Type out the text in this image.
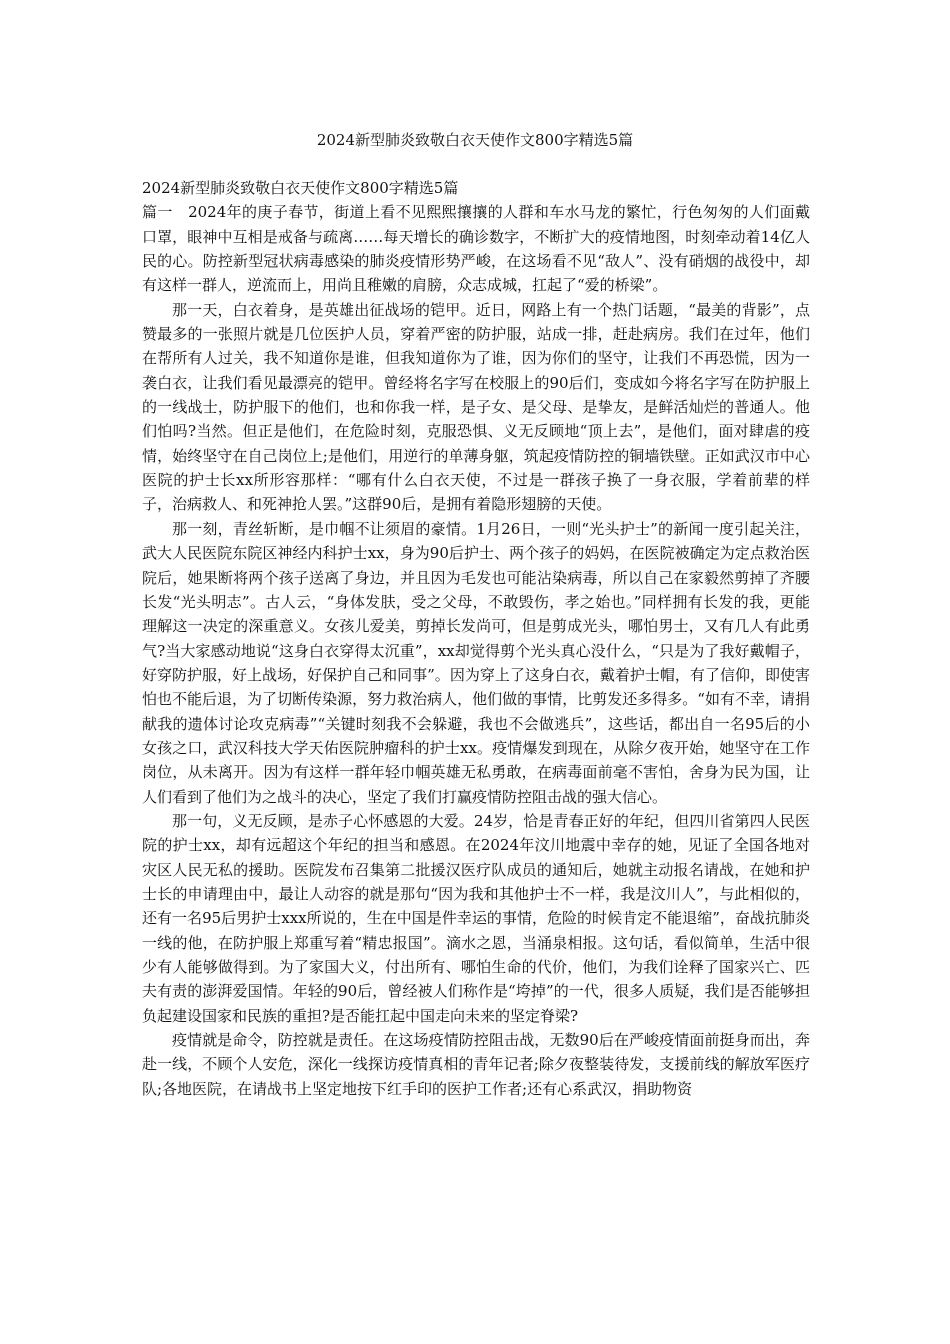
2024新型肺炎致敬白衣天使作文800字精选5篇

2024新型肺炎致敬白衣天使作文800字精选5篇

篇一　2024年的庚子春节，街道上看不见熙熙攘攘的人群和车水马龙的繁忙，行色匆匆的人们面戴口罩，眼神中互相是戒备与疏离……每天增长的确诊数字，不断扩大的疫情地图，时刻牵动着14亿人民的心。防控新型冠状病毒感染的肺炎疫情形势严峻，在这场看不见“敌人”、没有硝烟的战役中，却有这样一群人，逆流而上，用尚且稚嫩的肩膀，众志成城，扛起了“爱的桥梁”。

那一天，白衣着身，是英雄出征战场的铠甲。近日，网路上有一个热门话题，“最美的背影”，点赞最多的一张照片就是几位医护人员，穿着严密的防护服，站成一排，赶赴病房。我们在过年，他们在帮所有人过关，我不知道你是谁，但我知道你为了谁，因为你们的坚守，让我们不再恐慌，因为一袭白衣，让我们看见最漂亮的铠甲。曾经将名字写在校服上的90后们，变成如今将名字写在防护服上的一线战士，防护服下的他们，也和你我一样，是子女、是父母、是挚友，是鲜活灿烂的普通人。他们怕吗?当然。但正是他们，在危险时刻，克服恐惧、义无反顾地“顶上去”，是他们，面对肆虐的疫情，始终坚守在自己岗位上;是他们，用逆行的单薄身躯，筑起疫情防控的铜墙铁壁。正如武汉市中心医院的护士长xx所形容那样：“哪有什么白衣天使，不过是一群孩子换了一身衣服，学着前辈的样子，治病救人、和死神抢人罢。”这群90后，是拥有着隐形翅膀的天使。

那一刻，青丝斩断，是巾帼不让须眉的豪情。1月26日，一则“光头护士”的新闻一度引起关注，武大人民医院东院区神经内科护士xx，身为90后护士、两个孩子的妈妈，在医院被确定为定点救治医院后，她果断将两个孩子送离了身边，并且因为毛发也可能沾染病毒，所以自己在家毅然剪掉了齐腰长发“光头明志”。古人云，“身体发肤，受之父母，不敢毁伤，孝之始也。”同样拥有长发的我，更能理解这一决定的深重意义。女孩儿爱美，剪掉长发尚可，但是剪成光头，哪怕男士，又有几人有此勇气?当大家感动地说“这身白衣穿得太沉重”，xx却觉得剪个光头真心没什么，“只是为了我好戴帽子，好穿防护服，好上战场，好保护自己和同事”。因为穿上了这身白衣，戴着护士帽，有了信仰，即使害怕也不能后退，为了切断传染源，努力救治病人，他们做的事情，比剪发还多得多。“如有不幸，请捐献我的遗体讨论攻克病毒”“关键时刻我不会躲避，我也不会做逃兵”，这些话，都出自一名95后的小女孩之口，武汉科技大学天佑医院肿瘤科的护士xx。疫情爆发到现在，从除夕夜开始，她坚守在工作岗位，从未离开。因为有这样一群年轻巾帼英雄无私勇敢，在病毒面前毫不害怕，舍身为民为国，让人们看到了他们为之战斗的决心，坚定了我们打赢疫情防控阻击战的强大信心。

那一句，义无反顾，是赤子心怀感恩的大爱。24岁，恰是青春正好的年纪，但四川省第四人民医院的护士xx，却有远超这个年纪的担当和感恩。在2024年汶川地震中幸存的她，见证了全国各地对灾区人民无私的援助。医院发布召集第二批援汉医疗队成员的通知后，她就主动报名请战，在她和护士长的申请理由中，最让人动容的就是那句“因为我和其他护士不一样，我是汶川人”，与此相似的，还有一名95后男护士xxx所说的，生在中国是件幸运的事情，危险的时候肯定不能退缩”，奋战抗肺炎一线的他，在防护服上郑重写着“精忠报国”。滴水之恩，当涌泉相报。这句话，看似简单，生活中很少有人能够做得到。为了家国大义，付出所有、哪怕生命的代价，他们，为我们诠释了国家兴亡、匹夫有责的澎湃爱国情。年轻的90后，曾经被人们称作是“垮掉”的一代，很多人质疑，我们是否能够担负起建设国家和民族的重担?是否能扛起中国走向未来的坚定脊梁?

疫情就是命令，防控就是责任。在这场疫情防控阻击战，无数90后在严峻疫情面前挺身而出，奔赴一线，不顾个人安危，深化一线探访疫情真相的青年记者;除夕夜整装待发，支援前线的解放军医疗队;各地医院，在请战书上坚定地按下红手印的医护工作者;还有心系武汉，捐助物资
